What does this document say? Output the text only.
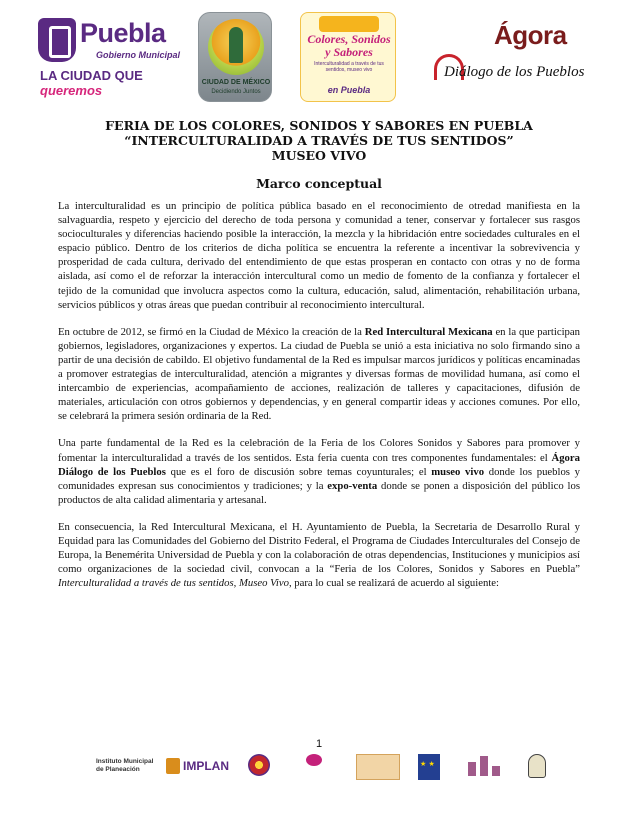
Puebla
Gobierno Municipal
LA CIUDAD QUE queremos
CIUDAD DE MÉXICO
Decidiendo Juntos
Colores, Sonidos y Sabores
Interculturalidad a través de tus sentidos, museo vivo
en Puebla
Ágora
Diálogo de los Pueblos
FERIA DE LOS COLORES, SONIDOS Y SABORES EN PUEBLA
“INTERCULTURALIDAD A TRAVÉS DE TUS SENTIDOS”
MUSEO VIVO
Marco conceptual

La interculturalidad es un principio de política pública basado en el reconocimiento de otredad manifiesta en la salvaguardia, respeto y ejercicio del derecho de toda persona y comunidad a tener, conservar y fortalecer sus rasgos socioculturales y diferencias haciendo posible la interacción, la mezcla y la hibridación entre sociedades culturales en el espacio público. Dentro de los criterios de dicha política se encuentra la referente a incentivar la sobrevivencia y prosperidad de cada cultura, derivado del entendimiento de que estas prosperan en contacto con otras y no de forma aislada, así como el de reforzar la interacción intercultural como un medio de fomento de la confianza y fortalecer el tejido de la comunidad que involucra aspectos como la cultura, educación, salud, alimentación, rehabilitación urbana, servicios públicos y otras áreas que puedan contribuir al reconocimiento intercultural.

En octubre de 2012, se firmó en la Ciudad de México la creación de la Red Intercultural Mexicana en la que participan gobiernos, legisladores, organizaciones y expertos. La ciudad de Puebla se unió a esta iniciativa no solo firmando sino a partir de una decisión de cabildo. El objetivo fundamental de la Red es impulsar marcos jurídicos y políticas encaminadas a promover estrategias de interculturalidad, atención a migrantes y diversas formas de movilidad humana, así como el intercambio de experiencias, acompañamiento de acciones, realización de talleres y capacitaciones, difusión de materiales, articulación con otros gobiernos y dependencias, y en general compartir ideas y acciones comunes. Por ello, se celebrará la primera sesión ordinaria de la Red.

Una parte fundamental de la Red es la celebración de la Feria de los Colores Sonidos y Sabores para promover y fomentar la interculturalidad a través de los sentidos. Esta feria cuenta con tres componentes fundamentales: el Ágora Diálogo de los Pueblos que es el foro de discusión sobre temas coyunturales; el museo vivo donde los pueblos y comunidades expresan sus conocimientos y tradiciones; y la expo-venta donde se ponen a disposición del público los productos de alta calidad alimentaria y artesanal.

En consecuencia, la Red Intercultural Mexicana, el H. Ayuntamiento de Puebla, la Secretaria de Desarrollo Rural y Equidad para las Comunidades del Gobierno del Distrito Federal, el Programa de Ciudades Interculturales del Consejo de Europa, la Benemérita Universidad de Puebla y con la colaboración de otras dependencias, Instituciones y municipios así como organizaciones de la sociedad civil, convocan a la “Feria de los Colores, Sonidos y Sabores en Puebla” Interculturalidad a través de tus sentidos, Museo Vivo, para lo cual se realizará de acuerdo al siguiente:

1
Instituto Municipal de Planeación	IMPLAN
★ ★
